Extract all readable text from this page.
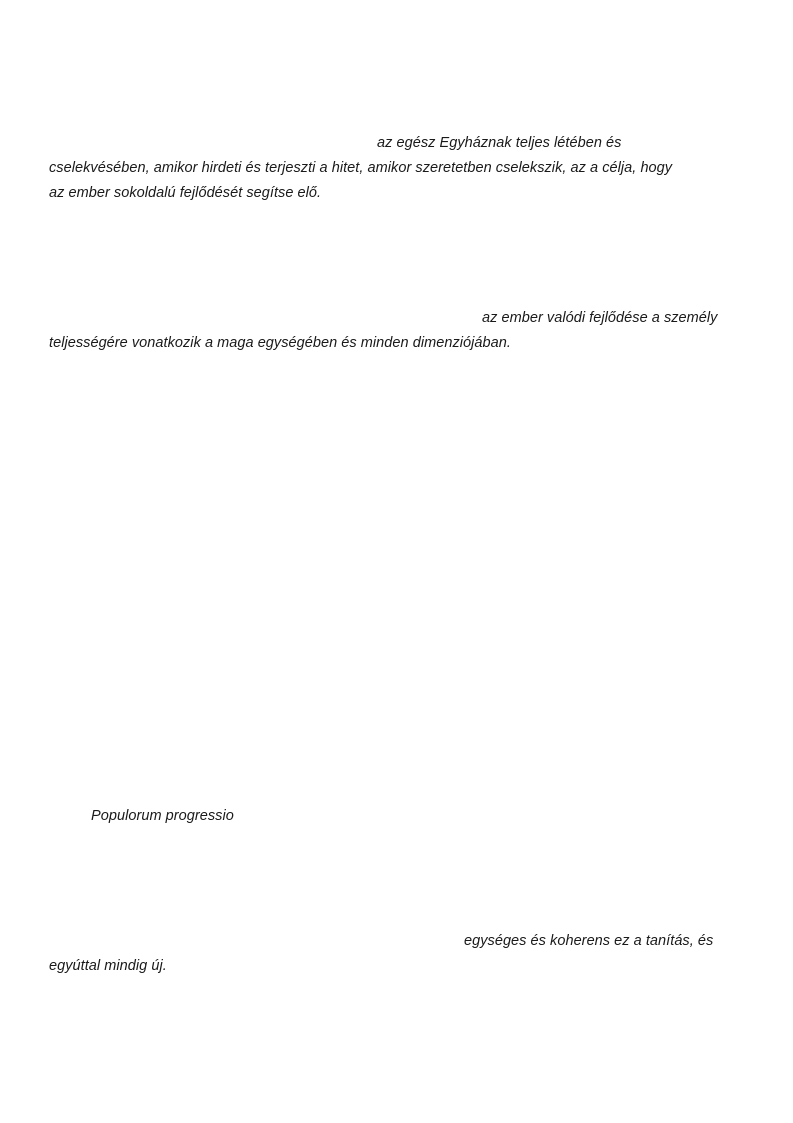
az egész Egyháznak teljes létében és
cselekvésében, amikor hirdeti és terjeszti a hitet, amikor szeretetben cselekszik, az a célja, hogy
az ember sokoldalú fejlődését segítse elő.
az ember valódi fejlődése a személy
teljességére vonatkozik a maga egységében és minden dimenziójában.
Populorum progressio
egységes és koherens ez a tanítás, és
egyúttal mindig új.
